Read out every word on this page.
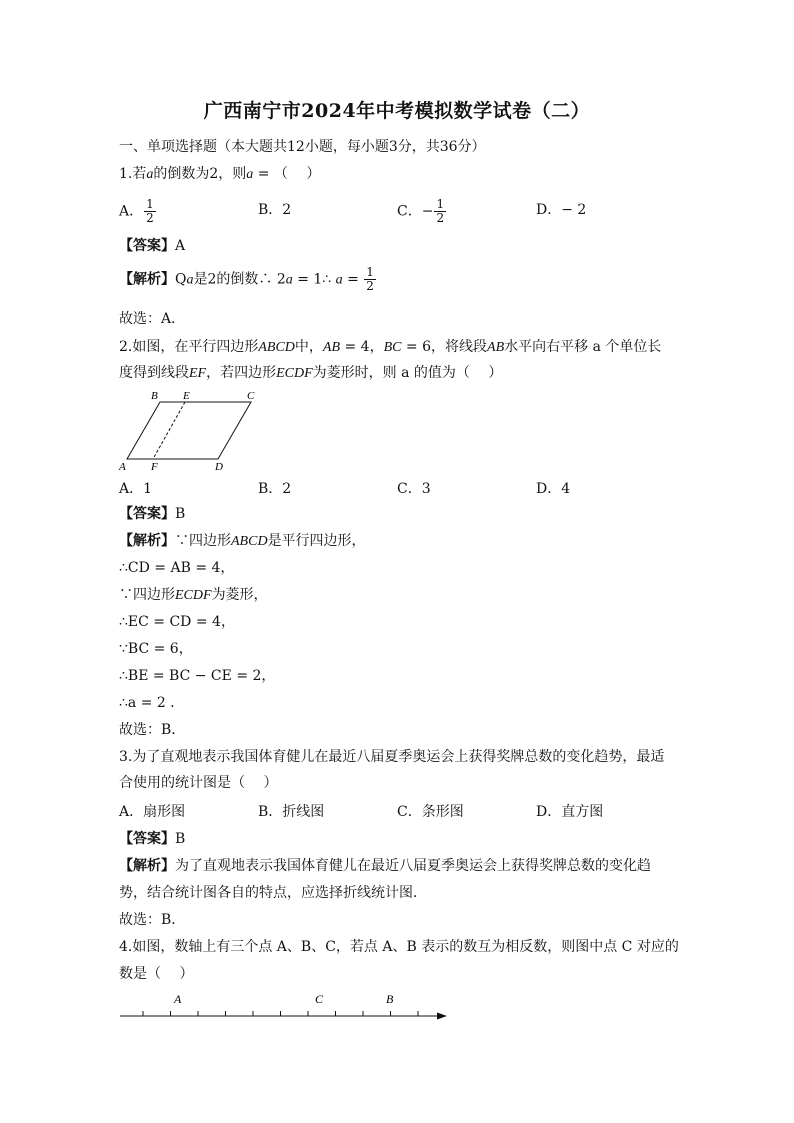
广西南宁市2024年中考模拟数学试卷（二）
一、单项选择题（本大题共12小题，每小题3分，共36分）
1.若a的倒数为2，则a = （　 ）
A． $\frac{1}{2}$	B．2	C．− $\frac{1}{2}$	D．− 2
【答案】A
【解析】Qa是2的倒数∴ 2a = 1∴ $a = \frac{1}{2}$
故选：A．
2.如图，在平行四边形ABCD中，AB = 4，BC = 6，将线段AB水平向右平移 a 个单位长
度得到线段EF，若四边形ECDF为菱形时，则 a 的值为（　 ）
B E	C
A F	D
A．1	B．2	C．3	D．4
【答案】B
【解析】∵四边形ABCD是平行四边形，
∴CD = AB = 4，
∵四边形ECDF为菱形，
∴EC = CD = 4，
∵BC = 6，
∴BE = BC − CE = 2，
∴a = 2 ．
故选：B．
3.为了直观地表示我国体育健儿在最近八届夏季奥运会上获得奖牌总数的变化趋势，最适
合使用的统计图是（　 ）
A．扇形图	B．折线图	C．条形图	D．直方图
【答案】B
【解析】为了直观地表示我国体育健儿在最近八届夏季奥运会上获得奖牌总数的变化趋
势，结合统计图各自的特点，应选择折线统计图．
故选：B．
4.如图，数轴上有三个点 A、B、C，若点 A、B 表示的数互为相反数，则图中点 C 对应的
数是（　 ）
A	C	B
